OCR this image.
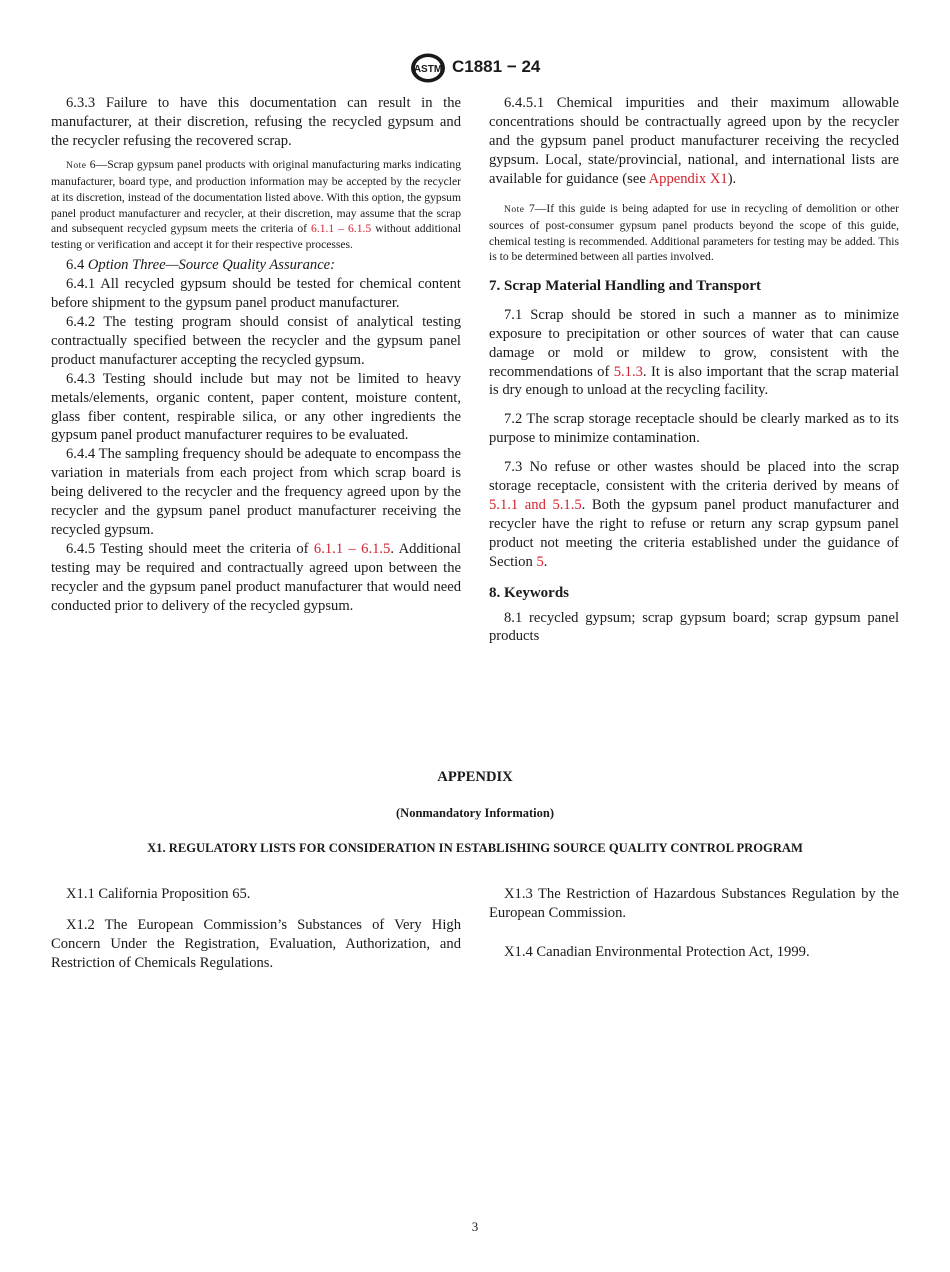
ASTM C1881 − 24

6.3.3 Failure to have this documentation can result in the manufacturer, at their discretion, refusing the recycled gypsum and the recycler refusing the recovered scrap.

Note 6—Scrap gypsum panel products with original manufacturing marks indicating manufacturer, board type, and production information may be accepted by the recycler at its discretion, instead of the documentation listed above. With this option, the gypsum panel product manufacturer and recycler, at their discretion, may assume that the scrap and subsequent recycled gypsum meets the criteria of 6.1.1 – 6.1.5 without additional testing or verification and accept it for their respective processes.

6.4 Option Three—Source Quality Assurance:

6.4.1 All recycled gypsum should be tested for chemical content before shipment to the gypsum panel product manufacturer.

6.4.2 The testing program should consist of analytical testing contractually specified between the recycler and the gypsum panel product manufacturer accepting the recycled gypsum.

6.4.3 Testing should include but may not be limited to heavy metals/elements, organic content, paper content, moisture content, glass fiber content, respirable silica, or any other ingredients the gypsum panel product manufacturer requires to be evaluated.

6.4.4 The sampling frequency should be adequate to encompass the variation in materials from each project from which scrap board is being delivered to the recycler and the frequency agreed upon by the recycler and the gypsum panel product manufacturer receiving the recycled gypsum.

6.4.5 Testing should meet the criteria of 6.1.1 – 6.1.5. Additional testing may be required and contractually agreed upon between the recycler and the gypsum panel product manufacturer that would need conducted prior to delivery of the recycled gypsum.

6.4.5.1 Chemical impurities and their maximum allowable concentrations should be contractually agreed upon by the recycler and the gypsum panel product manufacturer receiving the recycled gypsum. Local, state/provincial, national, and international lists are available for guidance (see Appendix X1).

Note 7—If this guide is being adapted for use in recycling of demolition or other sources of post-consumer gypsum panel products beyond the scope of this guide, chemical testing is recommended. Additional parameters for testing may be added. This is to be determined between all parties involved.

7. Scrap Material Handling and Transport

7.1 Scrap should be stored in such a manner as to minimize exposure to precipitation or other sources of water that can cause damage or mold or mildew to grow, consistent with the recommendations of 5.1.3. It is also important that the scrap material is dry enough to unload at the recycling facility.

7.2 The scrap storage receptacle should be clearly marked as to its purpose to minimize contamination.

7.3 No refuse or other wastes should be placed into the scrap storage receptacle, consistent with the criteria derived by means of 5.1.1 and 5.1.5. Both the gypsum panel product manufacturer and recycler have the right to refuse or return any scrap gypsum panel product not meeting the criteria established under the guidance of Section 5.

8. Keywords

8.1 recycled gypsum; scrap gypsum board; scrap gypsum panel products

APPENDIX
(Nonmandatory Information)
X1. REGULATORY LISTS FOR CONSIDERATION IN ESTABLISHING SOURCE QUALITY CONTROL PROGRAM

X1.1 California Proposition 65.

X1.2 The European Commission’s Substances of Very High Concern Under the Registration, Evaluation, Authorization, and Restriction of Chemicals Regulations.

X1.3 The Restriction of Hazardous Substances Regulation by the European Commission.

X1.4 Canadian Environmental Protection Act, 1999.

3
